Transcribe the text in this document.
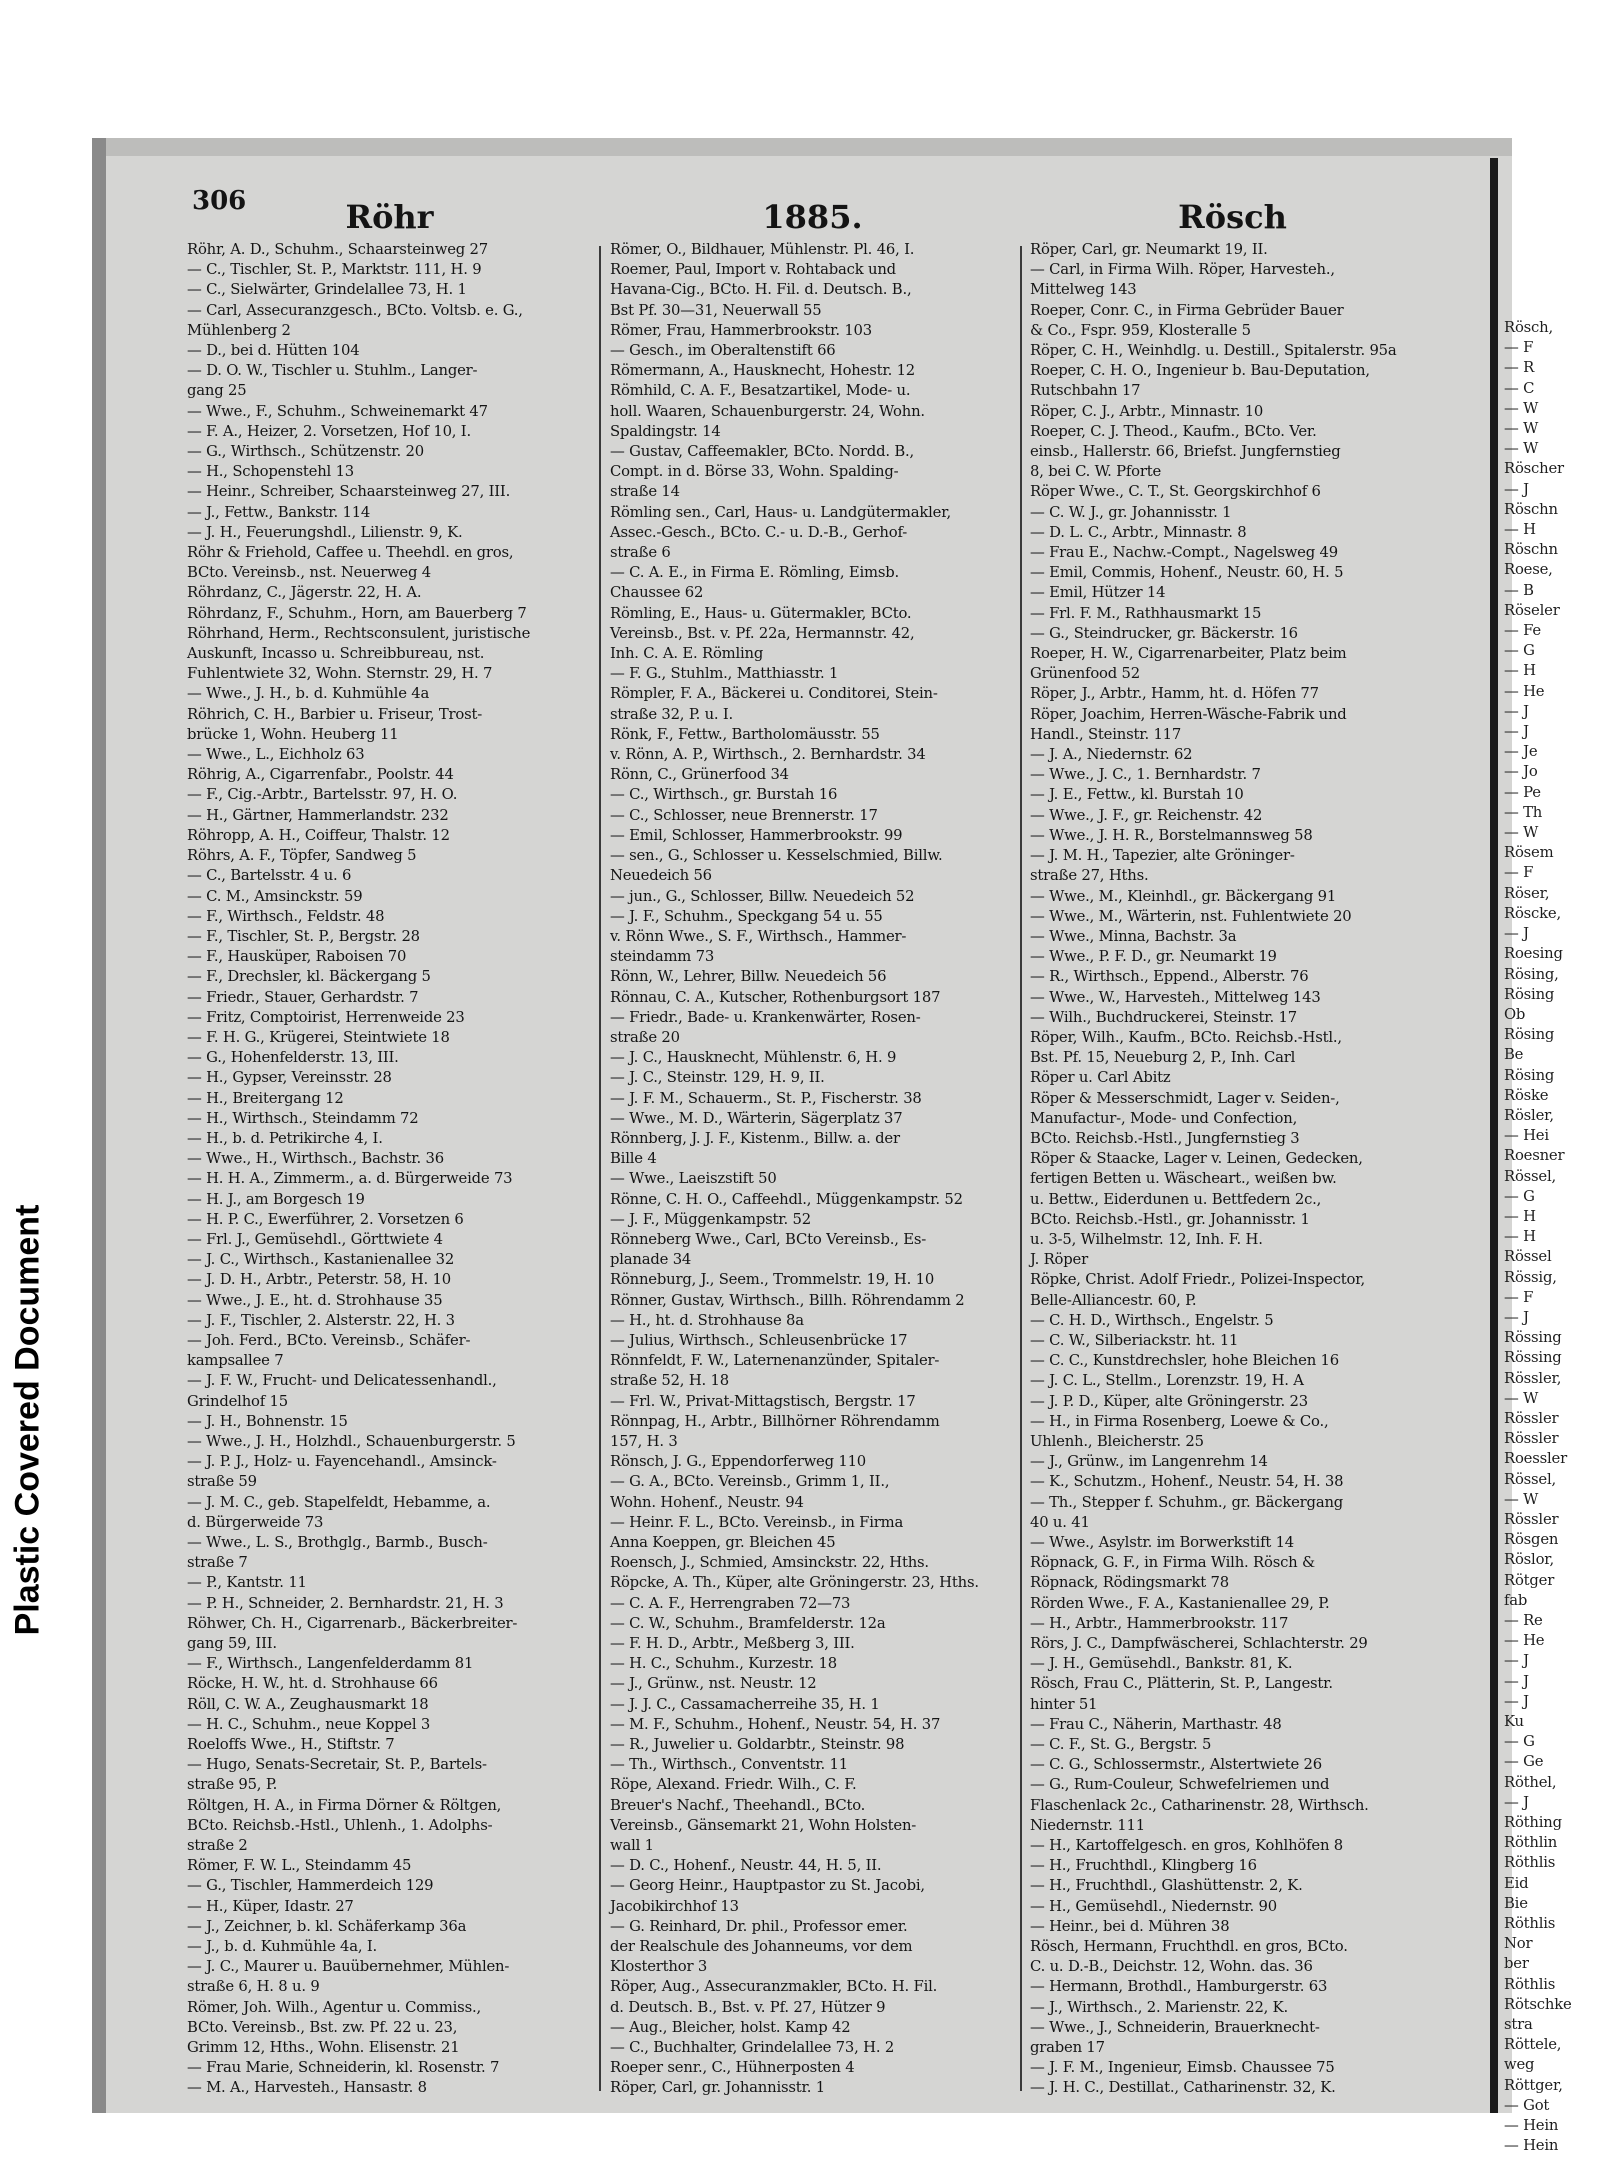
Plastic Covered Document
306	Röhr
Röhr, A. D., Schuhm., Schaarsteinweg 27
— C., Tischler, St. P., Marktstr. 111, H. 9
— C., Sielwärter, Grindelallee 73, H. 1
— Carl, Assecuranzgesch., BCto. Voltsb. e. G.,
Mühlenberg 2
— D., bei d. Hütten 104
— D. O. W., Tischler u. Stuhlm., Langer-
gang 25
— Wwe., F., Schuhm., Schweinemarkt 47
— F. A., Heizer, 2. Vorsetzen, Hof 10, I.
— G., Wirthsch., Schützenstr. 20
— H., Schopenstehl 13
— Heinr., Schreiber, Schaarsteinweg 27, III.
— J., Fettw., Bankstr. 114
— J. H., Feuerungshdl., Lilienstr. 9, K.
Röhr & Friehold, Caffee u. Theehdl. en gros,
BCto. Vereinsb., nst. Neuerweg 4
Röhrdanz, C., Jägerstr. 22, H. A.
Röhrdanz, F., Schuhm., Horn, am Bauerberg 7
Röhrhand, Herm., Rechtsconsulent, juristische
Auskunft, Incasso u. Schreibbureau, nst.
Fuhlentwiete 32, Wohn. Sternstr. 29, H. 7
— Wwe., J. H., b. d. Kuhmühle 4a
Röhrich, C. H., Barbier u. Friseur, Trost-
brücke 1, Wohn. Heuberg 11
— Wwe., L., Eichholz 63
Röhrig, A., Cigarrenfabr., Poolstr. 44
— F., Cig.-Arbtr., Bartelsstr. 97, H. O.
— H., Gärtner, Hammerlandstr. 232
Röhropp, A. H., Coiffeur, Thalstr. 12
Röhrs, A. F., Töpfer, Sandweg 5
— C., Bartelsstr. 4 u. 6
— C. M., Amsinckstr. 59
— F., Wirthsch., Feldstr. 48
— F., Tischler, St. P., Bergstr. 28
— F., Hausküper, Raboisen 70
— F., Drechsler, kl. Bäckergang 5
— Friedr., Stauer, Gerhardstr. 7
— Fritz, Comptoirist, Herrenweide 23
— F. H. G., Krügerei, Steintwiete 18
— G., Hohenfelderstr. 13, III.
— H., Gypser, Vereinsstr. 28
— H., Breitergang 12
— H., Wirthsch., Steindamm 72
— H., b. d. Petrikirche 4, I.
— Wwe., H., Wirthsch., Bachstr. 36
— H. H. A., Zimmerm., a. d. Bürgerweide 73
— H. J., am Borgesch 19
— H. P. C., Ewerführer, 2. Vorsetzen 6
— Frl. J., Gemüsehdl., Görttwiete 4
— J. C., Wirthsch., Kastanienallee 32
— J. D. H., Arbtr., Peterstr. 58, H. 10
— Wwe., J. E., ht. d. Strohhause 35
— J. F., Tischler, 2. Alsterstr. 22, H. 3
— Joh. Ferd., BCto. Vereinsb., Schäfer-
kampsallee 7
— J. F. W., Frucht- und Delicatessenhandl.,
Grindelhof 15
— J. H., Bohnenstr. 15
— Wwe., J. H., Holzhdl., Schauenburgerstr. 5
— J. P. J., Holz- u. Fayencehandl., Amsinck-
straße 59
— J. M. C., geb. Stapelfeldt, Hebamme, a.
d. Bürgerweide 73
— Wwe., L. S., Brothglg., Barmb., Busch-
straße 7
— P., Kantstr. 11
— P. H., Schneider, 2. Bernhardstr. 21, H. 3
Röhwer, Ch. H., Cigarrenarb., Bäckerbreiter-
gang 59, III.
— F., Wirthsch., Langenfelderdamm 81
Röcke, H. W., ht. d. Strohhause 66
Röll, C. W. A., Zeughausmarkt 18
— H. C., Schuhm., neue Koppel 3
Roeloffs Wwe., H., Stiftstr. 7
— Hugo, Senats-Secretair, St. P., Bartels-
straße 95, P.
Röltgen, H. A., in Firma Dörner & Röltgen,
BCto. Reichsb.-Hstl., Uhlenh., 1. Adolphs-
straße 2
Römer, F. W. L., Steindamm 45
— G., Tischler, Hammerdeich 129
— H., Küper, Idastr. 27
— J., Zeichner, b. kl. Schäferkamp 36a
— J., b. d. Kuhmühle 4a, I.
— J. C., Maurer u. Bauübernehmer, Mühlen-
straße 6, H. 8 u. 9
Römer, Joh. Wilh., Agentur u. Commiss.,
BCto. Vereinsb., Bst. zw. Pf. 22 u. 23,
Grimm 12, Hths., Wohn. Elisenstr. 21
— Frau Marie, Schneiderin, kl. Rosenstr. 7
— M. A., Harvesteh., Hansastr. 8
1885.
Römer, O., Bildhauer, Mühlenstr. Pl. 46, I.
Roemer, Paul, Import v. Rohtaback und
Havana-Cig., BCto. H. Fil. d. Deutsch. B.,
Bst Pf. 30—31, Neuerwall 55
Römer, Frau, Hammerbrookstr. 103
— Gesch., im Oberaltenstift 66
Römermann, A., Hausknecht, Hohestr. 12
Römhild, C. A. F., Besatzartikel, Mode- u.
holl. Waaren, Schauenburgerstr. 24, Wohn.
Spaldingstr. 14
— Gustav, Caffeemakler, BCto. Nordd. B.,
Compt. in d. Börse 33, Wohn. Spalding-
straße 14
Römling sen., Carl, Haus- u. Landgütermakler,
Assec.-Gesch., BCto. C.- u. D.-B., Gerhof-
straße 6
— C. A. E., in Firma E. Römling, Eimsb.
Chaussee 62
Römling, E., Haus- u. Gütermakler, BCto.
Vereinsb., Bst. v. Pf. 22a, Hermannstr. 42,
Inh. C. A. E. Römling
— F. G., Stuhlm., Matthiasstr. 1
Römpler, F. A., Bäckerei u. Conditorei, Stein-
straße 32, P. u. I.
Rönk, F., Fettw., Bartholomäusstr. 55
v. Rönn, A. P., Wirthsch., 2. Bernhardstr. 34
Rönn, C., Grünerfood 34
— C., Wirthsch., gr. Burstah 16
— C., Schlosser, neue Brennerstr. 17
— Emil, Schlosser, Hammerbrookstr. 99
— sen., G., Schlosser u. Kesselschmied, Billw.
Neuedeich 56
— jun., G., Schlosser, Billw. Neuedeich 52
— J. F., Schuhm., Speckgang 54 u. 55
v. Rönn Wwe., S. F., Wirthsch., Hammer-
steindamm 73
Rönn, W., Lehrer, Billw. Neuedeich 56
Rönnau, C. A., Kutscher, Rothenburgsort 187
— Friedr., Bade- u. Krankenwärter, Rosen-
straße 20
— J. C., Hausknecht, Mühlenstr. 6, H. 9
— J. C., Steinstr. 129, H. 9, II.
— J. F. M., Schauerm., St. P., Fischerstr. 38
— Wwe., M. D., Wärterin, Sägerplatz 37
Rönnberg, J. J. F., Kistenm., Billw. a. der
Bille 4
— Wwe., Laeiszstift 50
Rönne, C. H. O., Caffeehdl., Müggenkampstr. 52
— J. F., Müggenkampstr. 52
Rönneberg Wwe., Carl, BCto Vereinsb., Es-
planade 34
Rönneburg, J., Seem., Trommelstr. 19, H. 10
Rönner, Gustav, Wirthsch., Billh. Röhrendamm 2
— H., ht. d. Strohhause 8a
— Julius, Wirthsch., Schleusenbrücke 17
Rönnfeldt, F. W., Laternenanzünder, Spitaler-
straße 52, H. 18
— Frl. W., Privat-Mittagstisch, Bergstr. 17
Rönnpag, H., Arbtr., Billhörner Röhrendamm
157, H. 3
Rönsch, J. G., Eppendorferweg 110
— G. A., BCto. Vereinsb., Grimm 1, II.,
Wohn. Hohenf., Neustr. 94
— Heinr. F. L., BCto. Vereinsb., in Firma
Anna Koeppen, gr. Bleichen 45
Roensch, J., Schmied, Amsinckstr. 22, Hths.
Röpcke, A. Th., Küper, alte Gröningerstr. 23, Hths.
— C. A. F., Herrengraben 72—73
— C. W., Schuhm., Bramfelderstr. 12a
— F. H. D., Arbtr., Meßberg 3, III.
— H. C., Schuhm., Kurzestr. 18
— J., Grünw., nst. Neustr. 12
— J. J. C., Cassamacherreihe 35, H. 1
— M. F., Schuhm., Hohenf., Neustr. 54, H. 37
— R., Juwelier u. Goldarbtr., Steinstr. 98
— Th., Wirthsch., Conventstr. 11
Röpe, Alexand. Friedr. Wilh., C. F.
Breuer's Nachf., Theehandl., BCto.
Vereinsb., Gänsemarkt 21, Wohn Holsten-
wall 1
— D. C., Hohenf., Neustr. 44, H. 5, II.
— Georg Heinr., Hauptpastor zu St. Jacobi,
Jacobikirchhof 13
— G. Reinhard, Dr. phil., Professor emer.
der Realschule des Johanneums, vor dem
Klosterthor 3
Röper, Aug., Assecuranzmakler, BCto. H. Fil.
d. Deutsch. B., Bst. v. Pf. 27, Hützer 9
— Aug., Bleicher, holst. Kamp 42
— C., Buchhalter, Grindelallee 73, H. 2
Roeper senr., C., Hühnerposten 4
Röper, Carl, gr. Johannisstr. 1
Rösch
Röper, Carl, gr. Neumarkt 19, II.
— Carl, in Firma Wilh. Röper, Harvesteh.,
Mittelweg 143
Roeper, Conr. C., in Firma Gebrüder Bauer
& Co., Fspr. 959, Klosteralle 5
Röper, C. H., Weinhdlg. u. Destill., Spitalerstr. 95a
Roeper, C. H. O., Ingenieur b. Bau-Deputation,
Rutschbahn 17
Röper, C. J., Arbtr., Minnastr. 10
Roeper, C. J. Theod., Kaufm., BCto. Ver.
einsb., Hallerstr. 66, Briefst. Jungfernstieg
8, bei C. W. Pforte
Röper Wwe., C. T., St. Georgskirchhof 6
— C. W. J., gr. Johannisstr. 1
— D. L. C., Arbtr., Minnastr. 8
— Frau E., Nachw.-Compt., Nagelsweg 49
— Emil, Commis, Hohenf., Neustr. 60, H. 5
— Emil, Hützer 14
— Frl. F. M., Rathhausmarkt 15
— G., Steindrucker, gr. Bäckerstr. 16
Roeper, H. W., Cigarrenarbeiter, Platz beim
Grünenfood 52
Röper, J., Arbtr., Hamm, ht. d. Höfen 77
Röper, Joachim, Herren-Wäsche-Fabrik und
Handl., Steinstr. 117
— J. A., Niedernstr. 62
— Wwe., J. C., 1. Bernhardstr. 7
— J. E., Fettw., kl. Burstah 10
— Wwe., J. F., gr. Reichenstr. 42
— Wwe., J. H. R., Borstelmannsweg 58
— J. M. H., Tapezier, alte Gröninger-
straße 27, Hths.
— Wwe., M., Kleinhdl., gr. Bäckergang 91
— Wwe., M., Wärterin, nst. Fuhlentwiete 20
— Wwe., Minna, Bachstr. 3a
— Wwe., P. F. D., gr. Neumarkt 19
— R., Wirthsch., Eppend., Alberstr. 76
— Wwe., W., Harvesteh., Mittelweg 143
— Wilh., Buchdruckerei, Steinstr. 17
Röper, Wilh., Kaufm., BCto. Reichsb.-Hstl.,
Bst. Pf. 15, Neueburg 2, P., Inh. Carl
Röper u. Carl Abitz
Röper & Messerschmidt, Lager v. Seiden-,
Manufactur-, Mode- und Confection,
BCto. Reichsb.-Hstl., Jungfernstieg 3
Röper & Staacke, Lager v. Leinen, Gedecken,
fertigen Betten u. Wäscheart., weißen bw.
u. Bettw., Eiderdunen u. Bettfedern 2c.,
BCto. Reichsb.-Hstl., gr. Johannisstr. 1
u. 3-5, Wilhelmstr. 12, Inh. F. H.
J. Röper
Röpke, Christ. Adolf Friedr., Polizei-Inspector,
Belle-Alliancestr. 60, P.
— C. H. D., Wirthsch., Engelstr. 5
— C. W., Silberiackstr. ht. 11
— C. C., Kunstdrechsler, hohe Bleichen 16
— J. C. L., Stellm., Lorenzstr. 19, H. A
— J. P. D., Küper, alte Gröningerstr. 23
— H., in Firma Rosenberg, Loewe & Co.,
Uhlenh., Bleicherstr. 25
— J., Grünw., im Langenrehm 14
— K., Schutzm., Hohenf., Neustr. 54, H. 38
— Th., Stepper f. Schuhm., gr. Bäckergang
40 u. 41
— Wwe., Asylstr. im Borwerkstift 14
Röpnack, G. F., in Firma Wilh. Rösch &
Röpnack, Rödingsmarkt 78
Rörden Wwe., F. A., Kastanienallee 29, P.
— H., Arbtr., Hammerbrookstr. 117
Rörs, J. C., Dampfwäscherei, Schlachterstr. 29
— J. H., Gemüsehdl., Bankstr. 81, K.
Rösch, Frau C., Plätterin, St. P., Langestr.
hinter 51
— Frau C., Näherin, Marthastr. 48
— C. F., St. G., Bergstr. 5
— C. G., Schlossermstr., Alstertwiete 26
— G., Rum-Couleur, Schwefelriemen und
Flaschenlack 2c., Catharinenstr. 28, Wirthsch.
Niedernstr. 111
— H., Kartoffelgesch. en gros, Kohlhöfen 8
— H., Fruchthdl., Klingberg 16
— H., Fruchthdl., Glashüttenstr. 2, K.
— H., Gemüsehdl., Niedernstr. 90
— Heinr., bei d. Mühren 38
Rösch, Hermann, Fruchthdl. en gros, BCto.
C. u. D.-B., Deichstr. 12, Wohn. das. 36
— Hermann, Brothdl., Hamburgerstr. 63
— J., Wirthsch., 2. Marienstr. 22, K.
— Wwe., J., Schneiderin, Brauerknecht-
graben 17
— J. F. M., Ingenieur, Eimsb. Chaussee 75
— J. H. C., Destillat., Catharinenstr. 32, K.
Rösch,
— F
— R
— C
— W
— W
— W
Röscher
— J
Röschn
— H
Röschn
Roese,
— B
Röseler
— Fe
— G
— H
— He
— J
— J
— Je
— Jo
— Pe
— Th
— W
Rösem
— F
Röser,
Röscke,
— J
Roesing
Rösing,
Rösing
Ob
Rösing
Be
Rösing
Röske
Rösler,
— Hei
Roesner
Rössel,
— G
— H
— H
Rössel
Rössig,
— F
— J
Rössing
Rössing
Rössler,
— W
Rössler
Rössler
Roessler
Rössel,
— W
Rössler
Rösgen
Röslor,
Rötger
fab
— Re
— He
— J
— J
— J
Ku
— G
— Ge
Röthel,
— J
Röthing
Röthlin
Röthlis
Eid
Bie
Röthlis
Nor
ber
Röthlis
Rötschke
stra
Röttele,
weg
Röttger,
— Got
— Hein
— Hein
